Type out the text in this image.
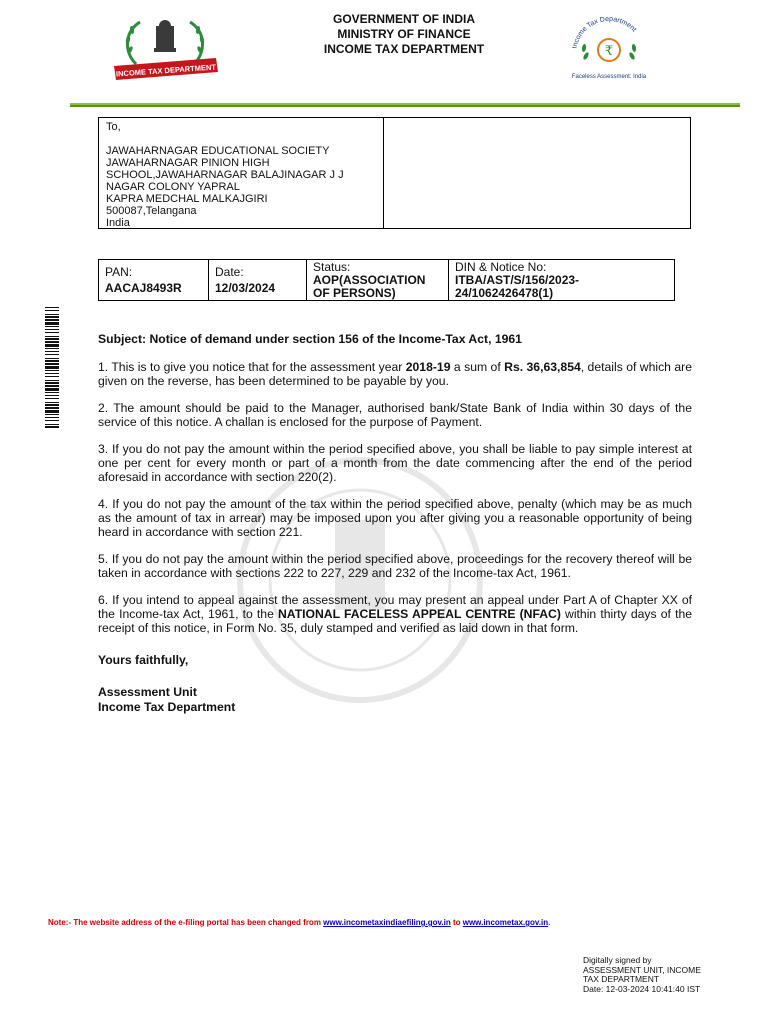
INCOME TAX DEPARTMENT
GOVERNMENT OF INDIA
MINISTRY OF FINANCE
INCOME TAX DEPARTMENT	Income Tax Department
₹
Faceless Assessment: India
To,
JAWAHARNAGAR EDUCATIONAL SOCIETY
JAWAHARNAGAR PINION HIGH
SCHOOL,JAWAHARNAGAR BALAJINAGAR J J
NAGAR COLONY YAPRAL
KAPRA MEDCHAL MALKAJGIRI
500087,Telangana
India
PAN:
AACAJ8493R
Date:
12/03/2024
Status:
AOP(ASSOCIATION
OF PERSONS)
DIN & Notice No:
ITBA/AST/S/156/2023-
24/1062426478(1)
Subject: Notice of demand under section 156 of the Income-Tax Act, 1961
1. This is to give you notice that for the assessment year 2018-19 a sum of Rs. 36,63,854, details of which are given on the reverse, has been determined to be payable by you.
2. The amount should be paid to the Manager, authorised bank/State Bank of India within 30 days of the service of this notice. A challan is enclosed for the purpose of Payment.
3. If you do not pay the amount within the period specified above, you shall be liable to pay simple interest at one per cent for every month or part of a month from the date commencing after the end of the period aforesaid in accordance with section 220(2).
4. If you do not pay the amount of the tax within the period specified above, penalty (which may be as much as the amount of tax in arrear) may be imposed upon you after giving you a reasonable opportunity of being heard in accordance with section 221.
5. If you do not pay the amount within the period specified above, proceedings for the recovery thereof will be taken in accordance with sections 222 to 227, 229 and 232 of the Income-tax Act, 1961.
6. If you intend to appeal against the assessment, you may present an appeal under Part A of Chapter XX of the Income-tax Act, 1961, to the NATIONAL FACELESS APPEAL CENTRE (NFAC) within thirty days of the receipt of this notice, in Form No. 35, duly stamped and verified as laid down in that form.
Yours faithfully,
Assessment Unit
Income Tax Department
Note:- The website address of the e-filing portal has been changed from www.incometaxindiaefiling.gov.in to www.incometax.gov.in.
Digitally signed by
ASSESSMENT UNIT, INCOME
TAX DEPARTMENT
Date: 12-03-2024 10:41:40 IST
